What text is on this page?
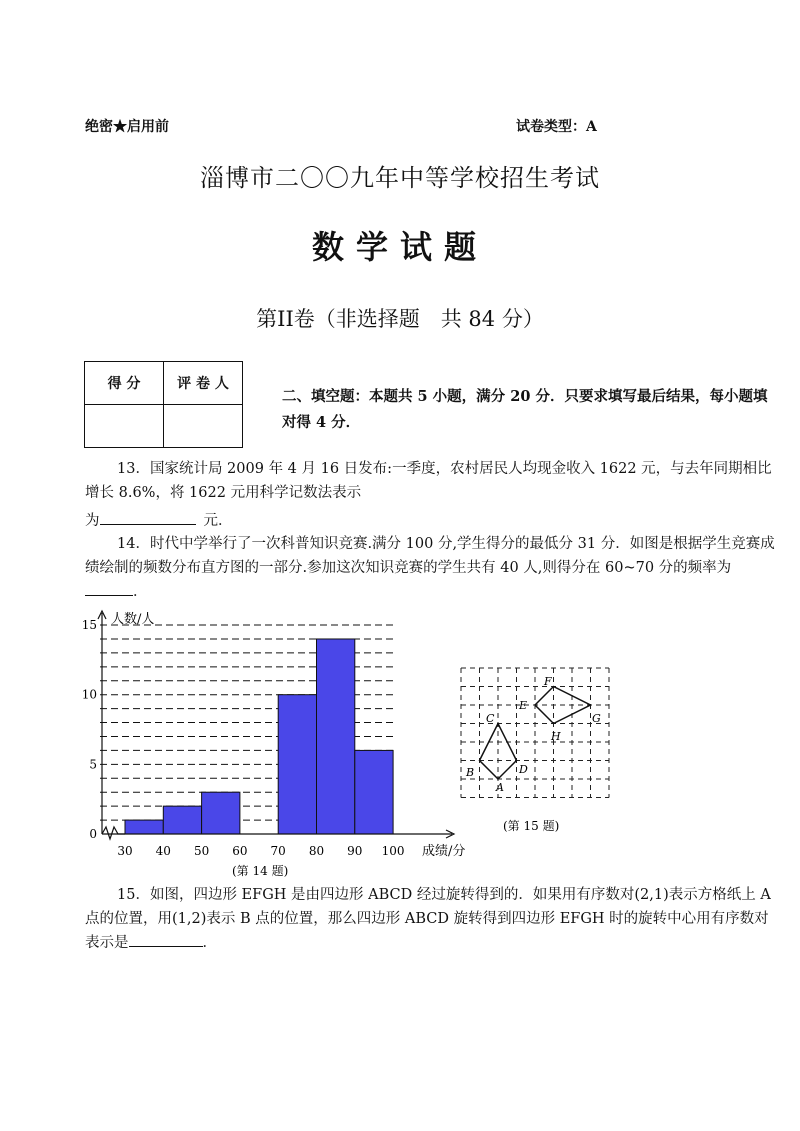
绝密★启用前	试卷类型：A
淄博市二〇〇九年中等学校招生考试
数学试题
第II卷（非选择题　共 84 分）
得 分	评 卷 人

二、填空题：本题共 5 小题，满分 20 分．只要求填写最后结果，每小题填对得 4 分．
13．国家统计局 2009 年 4 月 16 日发布:一季度，农村居民人均现金收入 1622 元，与去年同期相比增长 8.6%，将 1622 元用科学记数法表示
为	元．
14．时代中学举行了一次科普知识竞赛.满分 100 分,学生得分的最低分 31 分．如图是根据学生竞赛成绩绘制的频数分布直方图的一部分.参加这次知识竞赛的学生共有 40 人,则得分在 60~70 分的频率为．
0
5
10
15
30 40 50 60 70 80 90 100
人数/人
成绩/分
(第 14 题)
A
B
C
D
E
F
G
H
(第 15 题)
15．如图，四边形 EFGH 是由四边形 ABCD 经过旋转得到的．如果用有序数对(2,1)表示方格纸上 A 点的位置，用(1,2)表示 B 点的位置，那么四边形 ABCD 旋转得到四边形 EFGH 时的旋转中心用有序数对表示是	．
